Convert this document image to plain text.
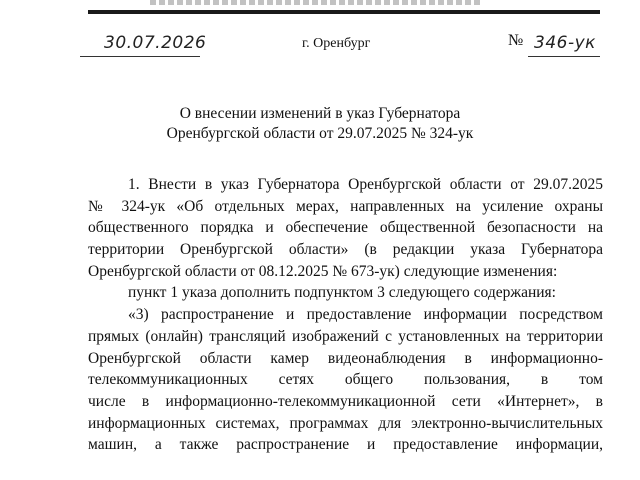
30.07.2026	г. Оренбург	№ 346-ук
О внесении изменений в указ Губернатора
Оренбургской области от 29.07.2025 № 324-ук
1. Внести в указ Губернатора Оренбургской области от 29.07.2025
№ 324-ук «Об отдельных мерах, направленных на усиление охраны
общественного порядка и обеспечение общественной безопасности на
территории Оренбургской области» (в редакции указа Губернатора
Оренбургской области от 08.12.2025 № 673-ук) следующие изменения:
пункт 1 указа дополнить подпунктом 3 следующего содержания:
«3) распространение и предоставление информации посредством
прямых (онлайн) трансляций изображений с установленных на территории
Оренбургской области камер видеонаблюдения в информационно-
телекоммуникационных сетях общего пользования, в том
числе в информационно-телекоммуникационной сети «Интернет», в
информационных системах, программах для электронно-вычислительных
машин, а также распространение и предоставление информации,
